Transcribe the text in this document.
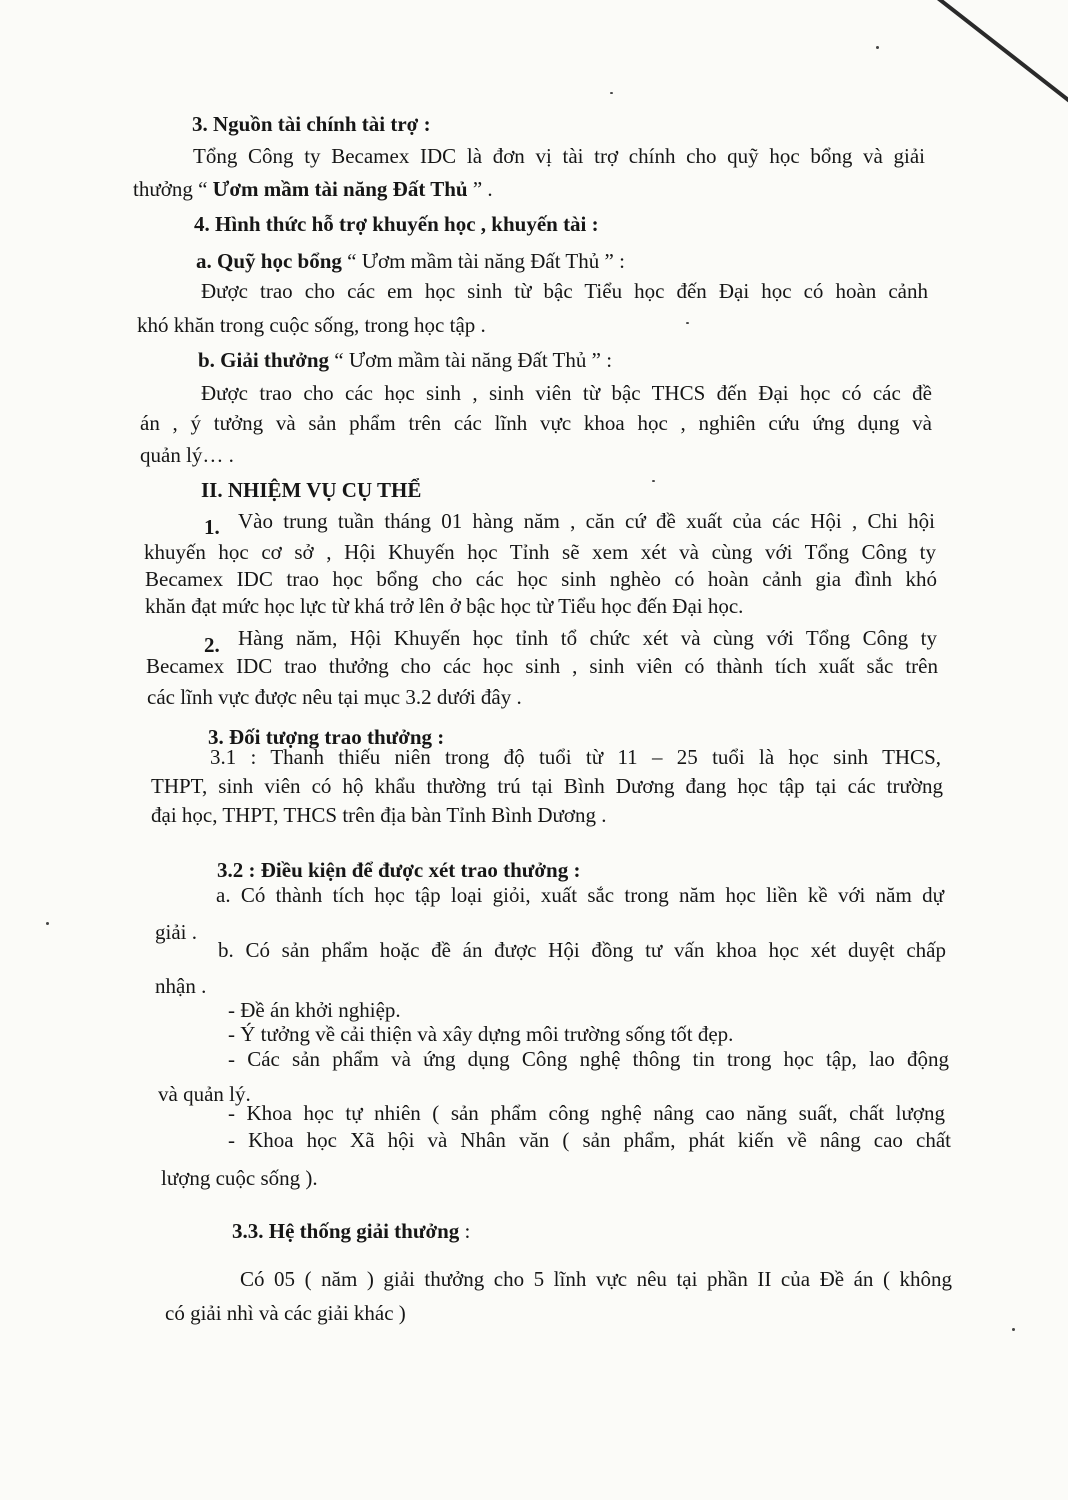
3. Nguồn tài chính tài trợ :
Tổng Công ty Becamex IDC là đơn vị tài trợ chính cho quỹ học bổng và giải
thưởng “ Ươm mầm tài năng Đất Thủ ” .
4. Hình thức hỗ trợ khuyến học , khuyến tài :
a. Quỹ học bổng “ Ươm mầm tài năng Đất Thủ ” :
Được trao cho các em học sinh từ bậc Tiểu học đến Đại học có hoàn cảnh
khó khăn trong cuộc sống, trong học tập .
b. Giải thưởng “ Ươm mầm tài năng Đất Thủ ” :
Được trao cho các học sinh , sinh viên từ bậc THCS đến Đại học có các đề
án , ý tưởng và sản phẩm trên các lĩnh vực khoa học , nghiên cứu ứng dụng và
quản lý… .
II. NHIỆM VỤ CỤ THỂ
1. Vào trung tuần tháng 01 hàng năm , căn cứ đề xuất của các Hội , Chi hội
khuyến học cơ sở , Hội Khuyến học Tỉnh sẽ xem xét và cùng với Tổng Công ty
Becamex IDC trao học bổng cho các học sinh nghèo có hoàn cảnh gia đình khó
khăn đạt mức học lực từ khá trở lên ở bậc học từ Tiểu học đến Đại học.
2. Hàng năm, Hội Khuyến học tỉnh tổ chức xét và cùng với Tổng Công ty
Becamex IDC trao thưởng cho các học sinh , sinh viên có thành tích xuất sắc trên
các lĩnh vực được nêu tại mục 3.2 dưới đây .
3. Đối tượng trao thưởng :
3.1 : Thanh thiếu niên trong độ tuổi từ 11 – 25 tuổi là học sinh THCS,
THPT, sinh viên có hộ khẩu thường trú tại Bình Dương đang học tập tại các trường
đại học, THPT, THCS trên địa bàn Tỉnh Bình Dương .
3.2 : Điều kiện để được xét trao thưởng :
a. Có thành tích học tập loại giỏi, xuất sắc trong năm học liền kề với năm dự
giải .
b. Có sản phẩm hoặc đề án được Hội đồng tư vấn khoa học xét duyệt chấp
nhận .
- Đề án khởi nghiệp.
- Ý tưởng về cải thiện và xây dựng môi trường sống tốt đẹp.
- Các sản phẩm và ứng dụng Công nghệ thông tin trong học tập, lao động
và quản lý.
- Khoa học tự nhiên ( sản phẩm công nghệ nâng cao năng suất, chất lượng
- Khoa học Xã hội và Nhân văn ( sản phẩm, phát kiến về nâng cao chất
lượng cuộc sống ).
3.3. Hệ thống giải thưởng :
Có 05 ( năm ) giải thưởng cho 5 lĩnh vực nêu tại phần II của Đề án ( không
có giải nhì và các giải khác )
